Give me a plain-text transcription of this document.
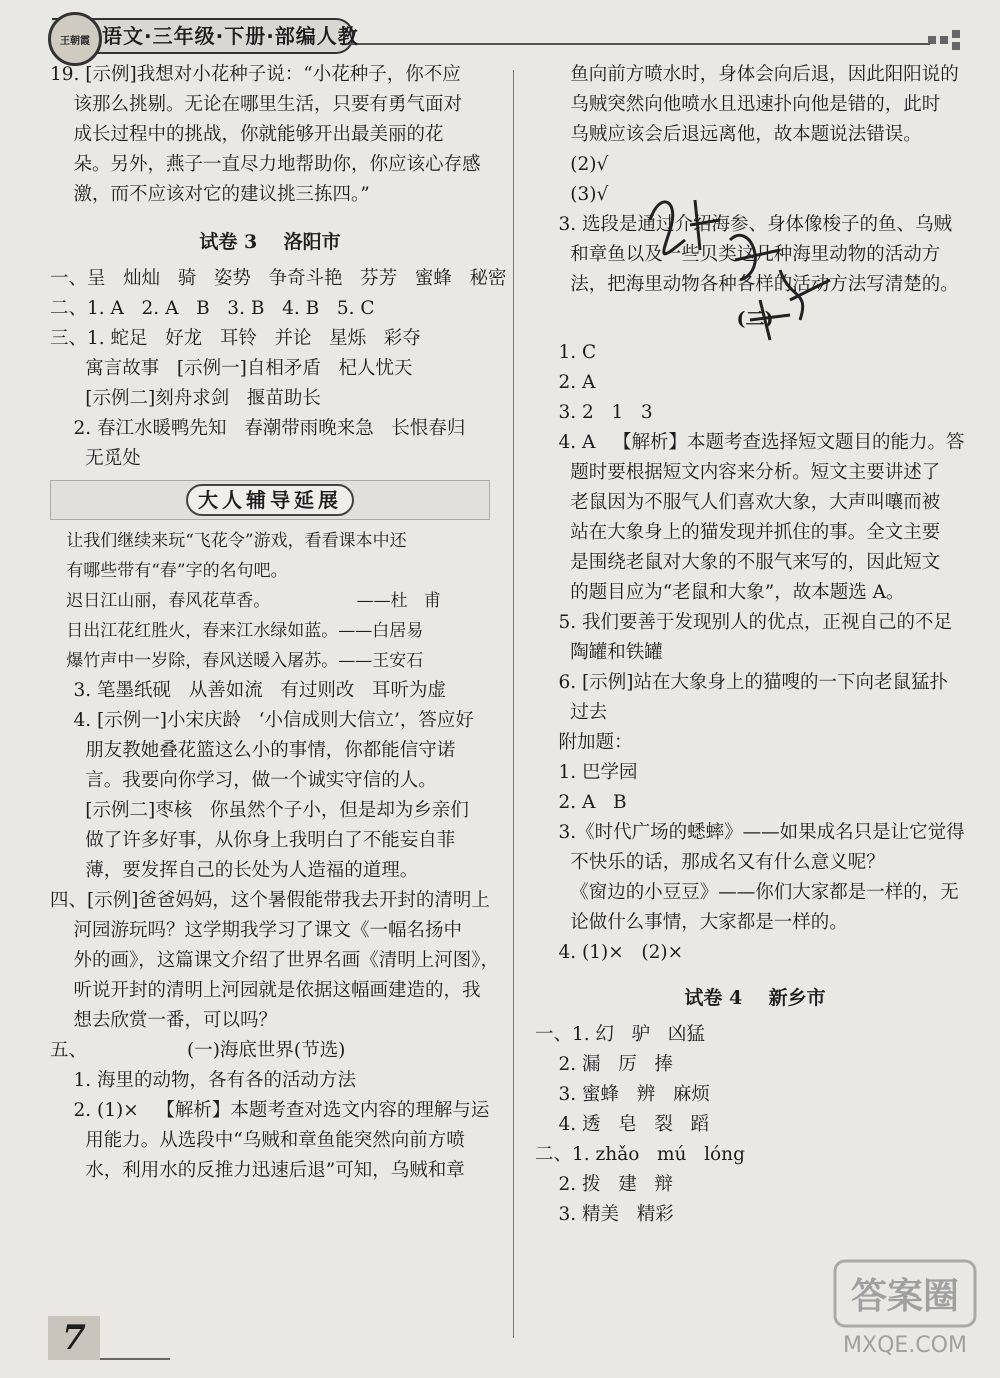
王朝霞 语文·三年级·下册·部编人教
19. [示例]我想对小花种子说：“小花种子，你不应
该那么挑剔。无论在哪里生活，只要有勇气面对
成长过程中的挑战，你就能够开出最美丽的花
朵。另外，燕子一直尽力地帮助你，你应该心存感
激，而不应该对它的建议挑三拣四。”
试卷 3    洛阳市
一、呈   灿灿   骑   姿势   争奇斗艳   芬芳   蜜蜂   秘密
二、1. A   2. A   B   3. B   4. B   5. C
三、1. 蛇足   好龙   耳铃   并论   星烁   彩夺
寓言故事   [示例一]自相矛盾   杞人忧天
[示例二]刻舟求剑   揠苗助长
2. 春江水暖鸭先知   春潮带雨晚来急   长恨春归
无觅处
大人辅导延展
让我们继续来玩“飞花令”游戏，看看课本中还
有哪些带有“春”字的名句吧。
迟日江山丽，春风花草香。                ——杜   甫
日出江花红胜火，春来江水绿如蓝。——白居易
爆竹声中一岁除，春风送暖入屠苏。——王安石
3. 笔墨纸砚   从善如流   有过则改   耳听为虚
4. [示例一]小宋庆龄   ‘小信成则大信立’，答应好
朋友教她叠花篮这么小的事情，你都能信守诺
言。我要向你学习，做一个诚实守信的人。
[示例二]枣核   你虽然个子小，但是却为乡亲们
做了许多好事，从你身上我明白了不能妄自菲
薄，要发挥自己的长处为人造福的道理。
四、[示例]爸爸妈妈，这个暑假能带我去开封的清明上
河园游玩吗？这学期我学习了课文《一幅名扬中
外的画》，这篇课文介绍了世界名画《清明上河图》，
听说开封的清明上河园就是依据这幅画建造的，我
想去欣赏一番，可以吗？
五、                 (一)海底世界(节选)
1. 海里的动物，各有各的活动方法
2. (1)×   【解析】本题考查对选文内容的理解与运
用能力。从选段中“乌贼和章鱼能突然向前方喷
水，利用水的反推力迅速后退”可知，乌贼和章
鱼向前方喷水时，身体会向后退，因此阳阳说的
乌贼突然向他喷水且迅速扑向他是错的，此时
乌贼应该会后退远离他，故本题说法错误。
(2)√
(3)√
3. 选段是通过介绍海参、身体像梭子的鱼、乌贼
和章鱼以及一些贝类这几种海里动物的活动方
法，把海里动物各种各样的活动方法写清楚的。
(二)
1. C
2. A
3. 2   1   3
4. A   【解析】本题考查选择短文题目的能力。答
题时要根据短文内容来分析。短文主要讲述了
老鼠因为不服气人们喜欢大象，大声叫嚷而被
站在大象身上的猫发现并抓住的事。全文主要
是围绕老鼠对大象的不服气来写的，因此短文
的题目应为“老鼠和大象”，故本题选 A。
5. 我们要善于发现别人的优点，正视自己的不足
陶罐和铁罐
6. [示例]站在大象身上的猫嗖的一下向老鼠猛扑
过去
附加题：
1. 巴学园
2. A   B
3.《时代广场的蟋蟀》——如果成名只是让它觉得
不快乐的话，那成名又有什么意义呢？
《窗边的小豆豆》——你们大家都是一样的，无
论做什么事情，大家都是一样的。
4. (1)×   (2)×
试卷 4    新乡市
一、1. 幻   驴   凶猛
2. 漏   厉   捧
3. 蜜蜂   辨   麻烦
4. 透   皂   裂   蹈
二、1. zhǎo   mú   lóng
2. 拨   建   辩
3. 精美   精彩
7
答案圈
MXQE.COM
